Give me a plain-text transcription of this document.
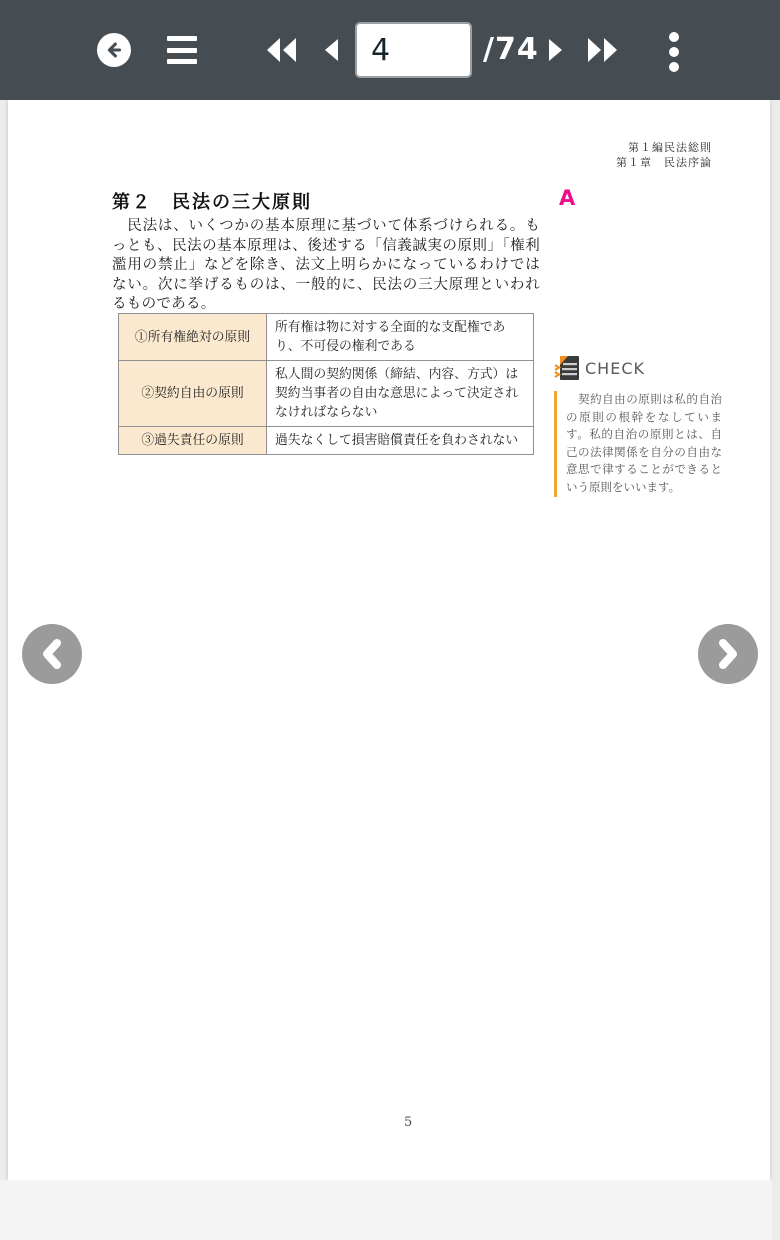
4
/74
第１編民法総則
第１章　民法序論
第２　民法の三大原則	A
　民法は、いくつかの基本原理に基づいて体系づけられる。もっとも、民法の基本原理は、後述する「信義誠実の原則」「権利濫用の禁止」などを除き、法文上明らかになっているわけではない。次に挙げるものは、一般的に、民法の三大原理といわれるものである。
①所有権絶対の原則	所有権は物に対する全面的な支配権であり、不可侵の権利である
②契約自由の原則	私人間の契約関係（締結、内容、方式）は契約当事者の自由な意思によって決定されなければならない
③過失責任の原則	過失なくして損害賠償責任を負わされない
CHECK
　契約自由の原則は私的自治の原則の根幹をなしています。私的自治の原則とは、自己の法律関係を自分の自由な意思で律することができるという原則をいいます。
5
